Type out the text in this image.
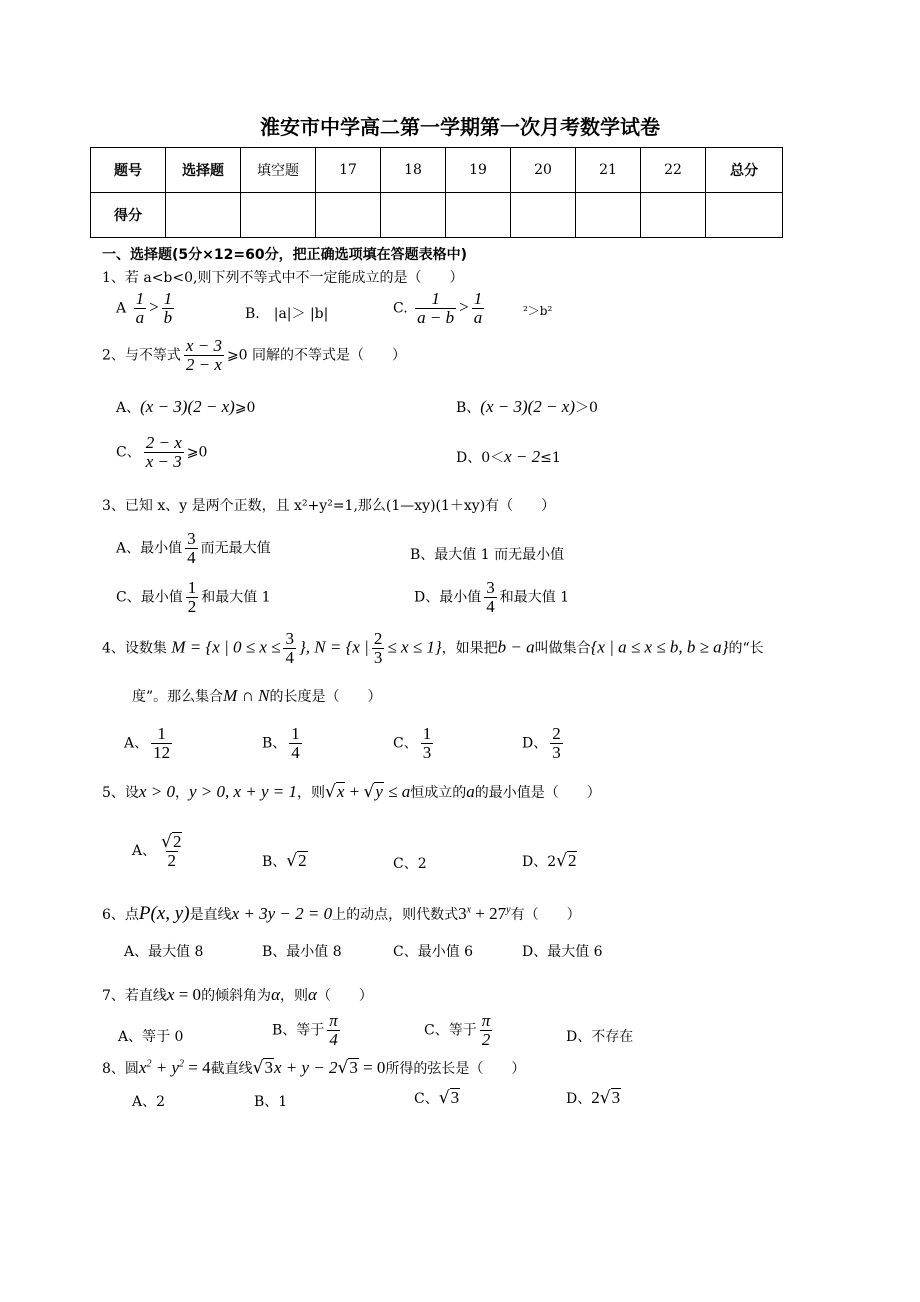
淮安市中学高二第一学期第一次月考数学试卷
题号	选择题	填空题	17	18	19	20	21	22	总分
得分									
一、选择题(5分×12=60分，把正确选项填在答题表格中)
1、若 a<b<0,则下列不等式中不一定能成立的是（　　）
A $\frac{1}{a} > \frac{1}{b}$	B.　|a|＞ |b|	C. $\frac{1}{a - b} > \frac{1}{a}$	²＞b²
2、与不等式 $\frac{x - 3}{2 - x}$ ⩾0 同解的不等式是（　　）
A、(x − 3)(2 − x)⩾0	B、(x − 3)(2 − x)＞0
C、 $\frac{2 - x}{x - 3}$ ⩾0	D、0＜x − 2≤1
3、已知 x、y 是两个正数，且 x²+y²=1,那么(1—xy)(1＋xy)有（　　）
A、最小值 $\frac{3}{4}$ 而无最大值	B、最大值 1 而无最小值
C、最小值 $\frac{1}{2}$ 和最大值 1	D、最小值 $\frac{3}{4}$ 和最大值 1
4、设数集 M = {x | $0 \le x \le \frac{3}{4}$ }, N = {x | $\frac{2}{3} \le x \le 1$}，如果把b − a叫做集合{x | a ≤ x ≤ b, b ≥ a}的“长
度”。那么集合M ∩ N的长度是（　　）
A、 $\frac{1}{12}$	B、 $\frac{1}{4}$	C、 $\frac{1}{3}$	D、 $\frac{2}{3}$
5、设x > 0，y > 0, x + y = 1，则√x + √y ≤ a恒成立的a的最小值是（　　）
A、 $\frac{√2}{2}$	B、√2	C、2	D、2√2
6、点P(x, y)是直线x + 3y − 2 = 0上的动点，则代数式$3^x + 27^y$有（　　）
A、最大值 8	B、最小值 8	C、最小值 6	D、最大值 6
7、若直线x = 0的倾斜角为α，则α（　　）
A、等于 0	B、等于 $\frac{\pi}{4}$	C、等于 $\frac{\pi}{2}$	D、不存在
8、圆$x^2 + y^2 = 4$截直线√3x + y − 2√3 = 0所得的弦长是（　　）
A、2	B、1	C、√3	D、2√3
